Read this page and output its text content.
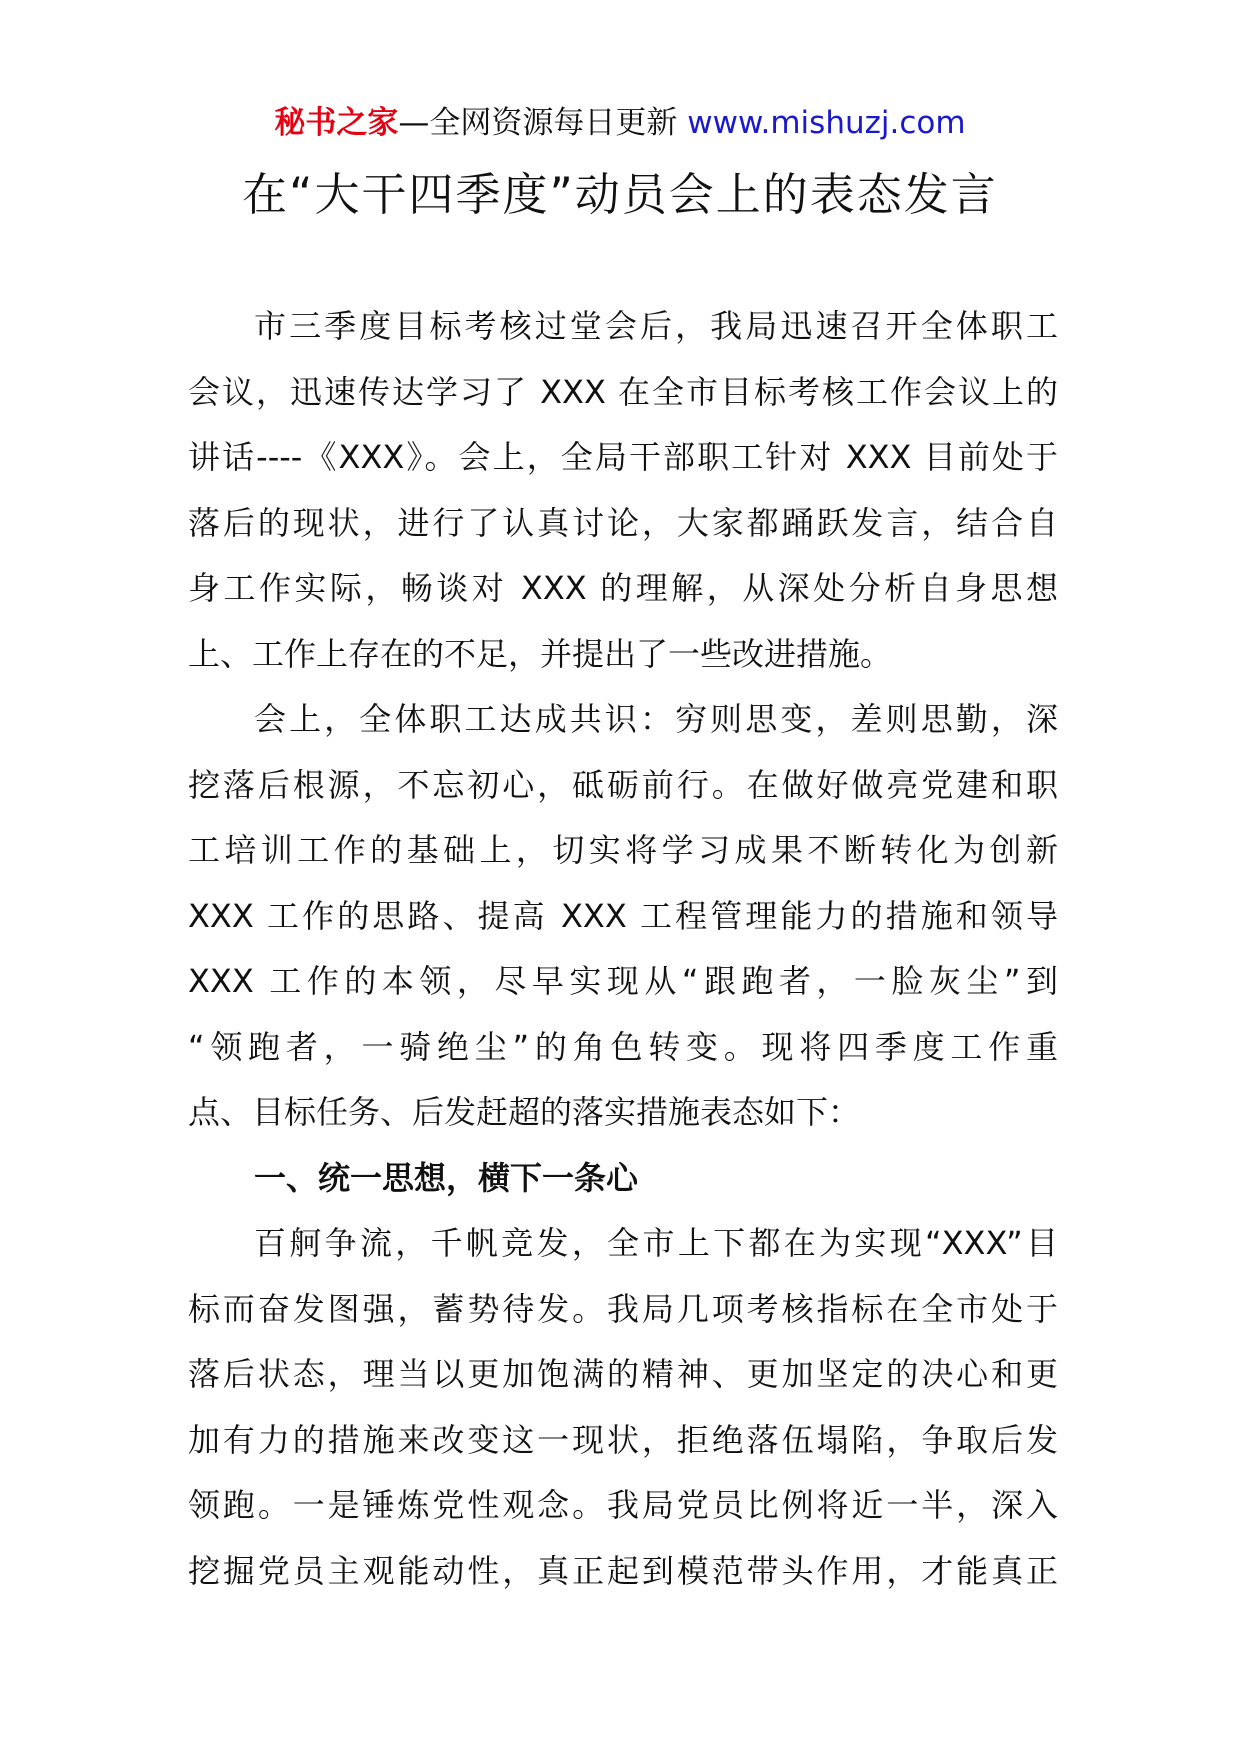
秘书之家—全网资源每日更新 www.mishuzj.com
在“大干四季度”动员会上的表态发言
市三季度目标考核过堂会后，我局迅速召开全体职工
会议，迅速传达学习了 XXX 在全市目标考核工作会议上的
讲话----《XXX》。会上，全局干部职工针对 XXX 目前处于
落后的现状，进行了认真讨论，大家都踊跃发言，结合自
身工作实际，畅谈对 XXX 的理解，从深处分析自身思想
上、工作上存在的不足，并提出了一些改进措施。
会上，全体职工达成共识：穷则思变，差则思勤，深
挖落后根源，不忘初心，砥砺前行。在做好做亮党建和职
工培训工作的基础上，切实将学习成果不断转化为创新
XXX 工作的思路、提高 XXX 工程管理能力的措施和领导
XXX 工作的本领，尽早实现从“跟跑者，一脸灰尘”到
“领跑者，一骑绝尘”的角色转变。现将四季度工作重
点、目标任务、后发赶超的落实措施表态如下：
一、统一思想，横下一条心
百舸争流，千帆竞发，全市上下都在为实现“XXX”目
标而奋发图强，蓄势待发。我局几项考核指标在全市处于
落后状态，理当以更加饱满的精神、更加坚定的决心和更
加有力的措施来改变这一现状，拒绝落伍塌陷，争取后发
领跑。一是锤炼党性观念。我局党员比例将近一半，深入
挖掘党员主观能动性，真正起到模范带头作用，才能真正
